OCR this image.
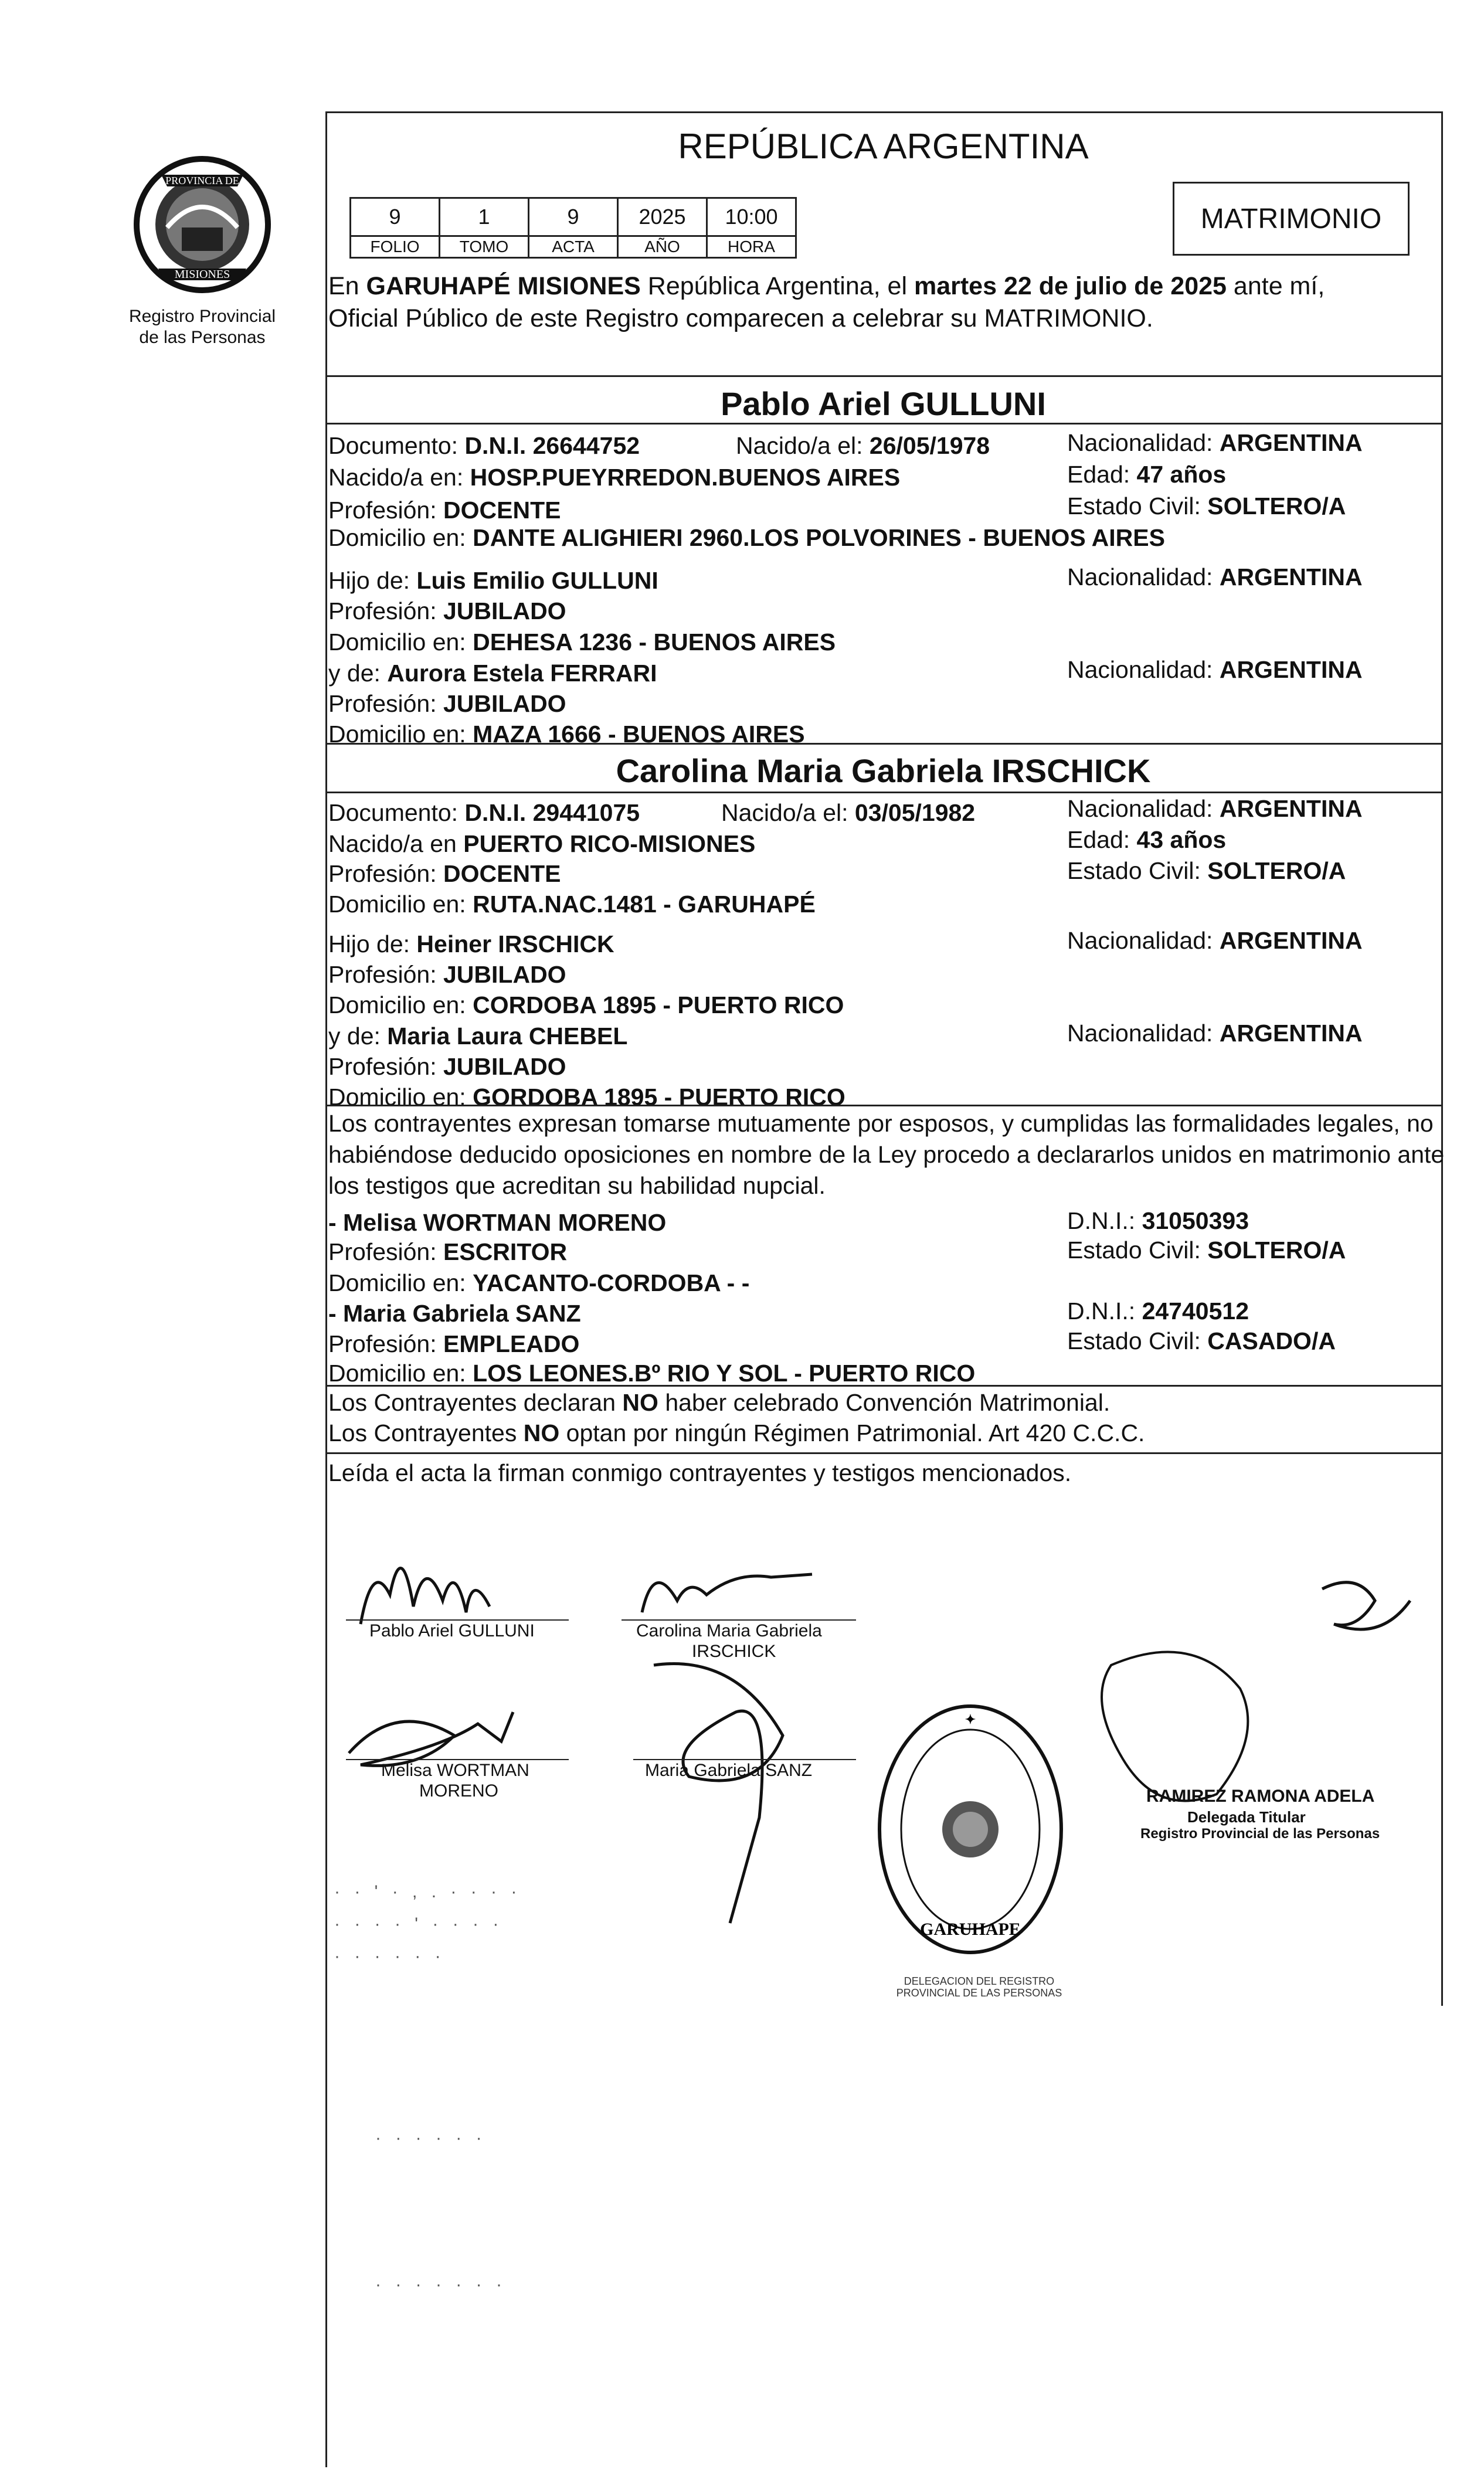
PROVINCIA DE
MISIONES
Registro Provincial
de las Personas
REPÚBLICA ARGENTINA
9	1	9	2025	10:00
FOLIO	TOMO	ACTA	AÑO	HORA
MATRIMONIO
En GARUHAPÉ MISIONES República Argentina, el martes 22 de julio de 2025 ante mí,
Oficial Público de este Registro comparecen a celebrar su MATRIMONIO.
Pablo Ariel GULLUNI
Documento: D.N.I. 26644752	Nacido/a el: 26/05/1978	Nacionalidad: ARGENTINA
Nacido/a en: HOSP.PUEYRREDON.BUENOS AIRES	Edad: 47 años
Profesión: DOCENTE	Estado Civil: SOLTERO/A
Domicilio en: DANTE ALIGHIERI 2960.LOS POLVORINES - BUENOS AIRES
Hijo de: Luis Emilio GULLUNI	Nacionalidad: ARGENTINA
Profesión: JUBILADO
Domicilio en: DEHESA 1236 - BUENOS AIRES
y de: Aurora Estela FERRARI	Nacionalidad: ARGENTINA
Profesión: JUBILADO
Domicilio en: MAZA 1666 - BUENOS AIRES
Carolina Maria Gabriela IRSCHICK
Documento: D.N.I. 29441075	Nacido/a el: 03/05/1982	Nacionalidad: ARGENTINA
Nacido/a en PUERTO RICO-MISIONES	Edad: 43 años
Profesión: DOCENTE	Estado Civil: SOLTERO/A
Domicilio en: RUTA.NAC.1481 - GARUHAPÉ
Hijo de: Heiner IRSCHICK	Nacionalidad: ARGENTINA
Profesión: JUBILADO
Domicilio en: CORDOBA 1895 - PUERTO RICO
y de: Maria Laura CHEBEL	Nacionalidad: ARGENTINA
Profesión: JUBILADO
Domicilio en: GORDOBA 1895 - PUERTO RICO
Los contrayentes expresan tomarse mutuamente por esposos, y cumplidas las formalidades legales, no
habiéndose deducido oposiciones en nombre de la Ley procedo a declararlos unidos en matrimonio ante
los testigos que acreditan su habilidad nupcial.
- Melisa WORTMAN MORENO	D.N.I.: 31050393
Profesión: ESCRITOR	Estado Civil: SOLTERO/A
Domicilio en: YACANTO-CORDOBA - -
- Maria Gabriela SANZ	D.N.I.: 24740512
Profesión: EMPLEADO	Estado Civil: CASADO/A
Domicilio en: LOS LEONES.Bº RIO Y SOL - PUERTO RICO
Los Contrayentes declaran NO haber celebrado Convención Matrimonial.
Los Contrayentes NO optan por ningún Régimen Patrimonial. Art 420 C.C.C.
Leída el acta la firman conmigo contrayentes y testigos mencionados.
Pablo Ariel GULLUNI	Carolina Maria Gabriela
IRSCHICK
Melisa WORTMAN
MORENO
Maria Gabriela SANZ
✦
GARUHAPE
DELEGACION DEL REGISTRO PROVINCIAL DE LAS PERSONAS
RAMIREZ RAMONA ADELA
Delegada Titular
Registro Provincial de las Personas
· · ' · , . · · · ·
· · · · ' · · · ·
· · · · · ·
· · · · · ·
· · · · · · ·
